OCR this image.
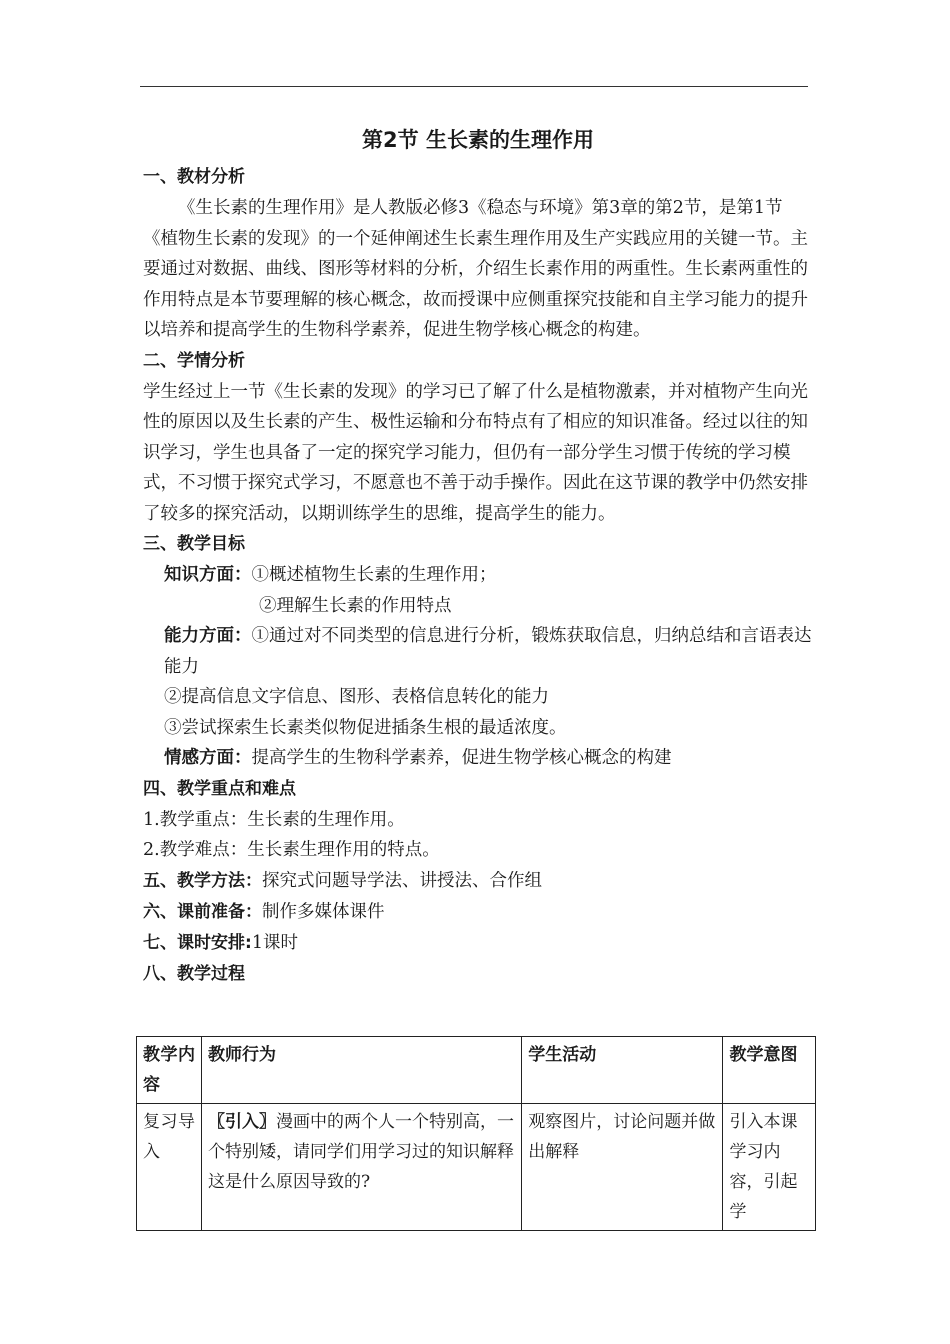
第2节 生长素的生理作用
一、教材分析

《生长素的生理作用》是人教版必修3《稳态与环境》第3章的第2节，是第1节《植物生长素的发现》的一个延伸阐述生长素生理作用及生产实践应用的关键一节。主要通过对数据、曲线、图形等材料的分析，介绍生长素作用的两重性。生长素两重性的作用特点是本节要理解的核心概念，故而授课中应侧重探究技能和自主学习能力的提升以培养和提高学生的生物科学素养，促进生物学核心概念的构建。

二、学情分析

学生经过上一节《生长素的发现》的学习已了解了什么是植物激素，并对植物产生向光性的原因以及生长素的产生、极性运输和分布特点有了相应的知识准备。经过以往的知识学习，学生也具备了一定的探究学习能力，但仍有一部分学生习惯于传统的学习模式，不习惯于探究式学习，不愿意也不善于动手操作。因此在这节课的教学中仍然安排了较多的探究活动，以期训练学生的思维，提高学生的能力。

三、教学目标

知识方面：①概述植物生长素的生理作用；

②理解生长素的作用特点

能力方面：①通过对不同类型的信息进行分析，锻炼获取信息，归纳总结和言语表达能力

②提高信息文字信息、图形、表格信息转化的能力

③尝试探索生长素类似物促进插条生根的最适浓度。

情感方面：提高学生的生物科学素养，促进生物学核心概念的构建

四、教学重点和难点

1.教学重点：生长素的生理作用。

2.教学难点：生长素生理作用的特点。

五、教学方法：探究式问题导学法、讲授法、合作组

六、课前准备：制作多媒体课件

七、课时安排:1课时

八、教学过程
教学内容	教师行为	学生活动	教学意图
复习导入	〖引入〗漫画中的两个人一个特别高，一个特别矮，请同学们用学习过的知识解释这是什么原因导致的?	观察图片，讨论问题并做出解释	引入本课学习内容，引起学
